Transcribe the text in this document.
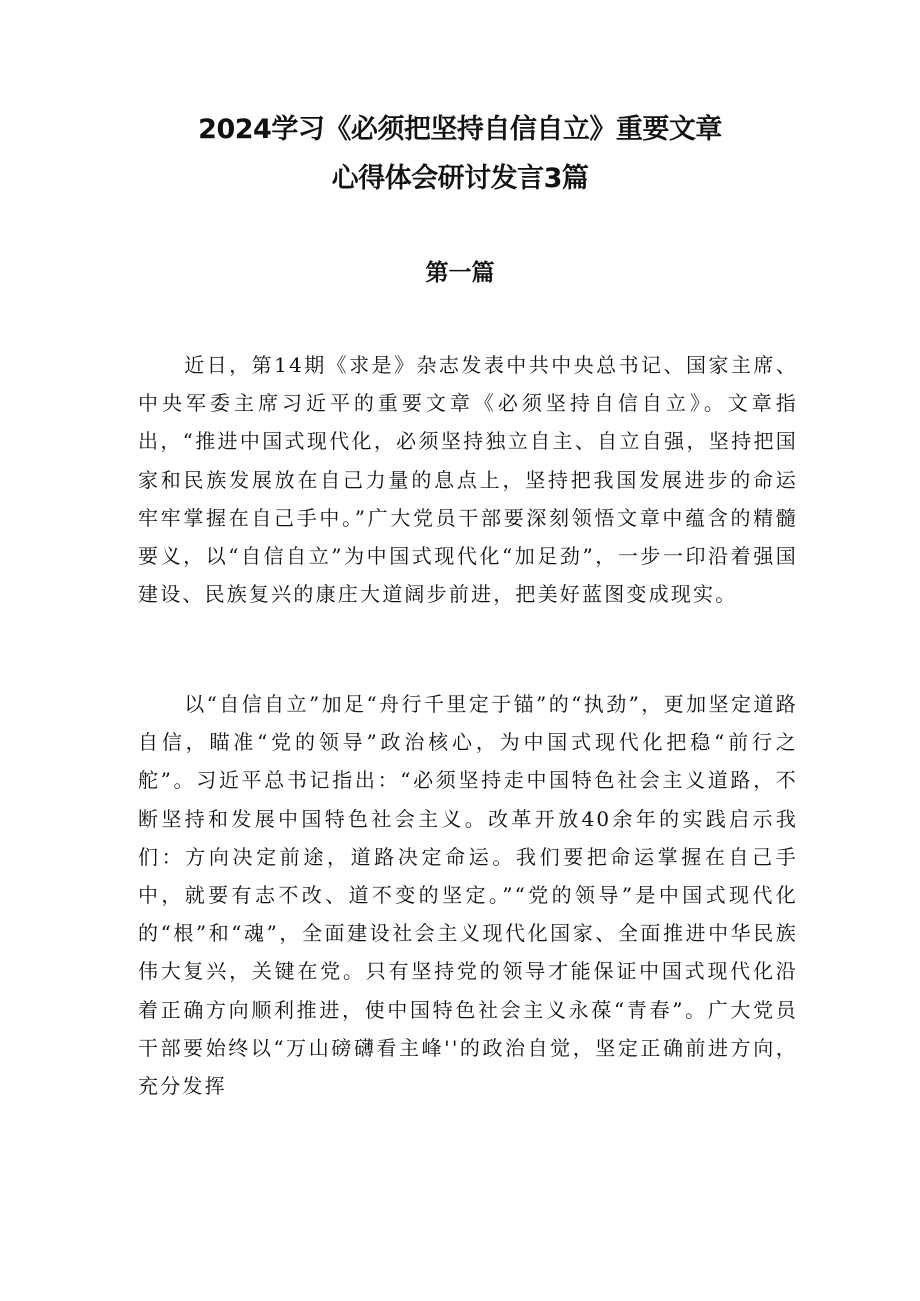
2024学习《必须把坚持自信自立》重要文章
心得体会研讨发言3篇
第一篇

近日，第14期《求是》杂志发表中共中央总书记、国家主席、中央军委主席习近平的重要文章《必须坚持自信自立》。文章指出，“推进中国式现代化，必须坚持独立自主、自立自强，坚持把国家和民族发展放在自己力量的息点上，坚持把我国发展进步的命运牢牢掌握在自己手中。”广大党员干部要深刻领悟文章中蕴含的精髓要义，以“自信自立”为中国式现代化“加足劲”，一步一印沿着强国建设、民族复兴的康庄大道阔步前进，把美好蓝图变成现实。

以“自信自立”加足“舟行千里定于锚”的“执劲”，更加坚定道路自信，瞄准“党的领导”政治核心，为中国式现代化把稳“前行之舵”。习近平总书记指出：“必须坚持走中国特色社会主义道路，不断坚持和发展中国特色社会主义。改革开放40余年的实践启示我们：方向决定前途，道路决定命运。我们要把命运掌握在自己手中，就要有志不改、道不变的坚定。”“党的领导”是中国式现代化的“根”和“魂”，全面建设社会主义现代化国家、全面推进中华民族伟大复兴，关键在党。只有坚持党的领导才能保证中国式现代化沿着正确方向顺利推进，使中国特色社会主义永葆“青春”。广大党员干部要始终以“万山磅礴看主峰''的政治自觉，坚定正确前进方向，充分发挥
